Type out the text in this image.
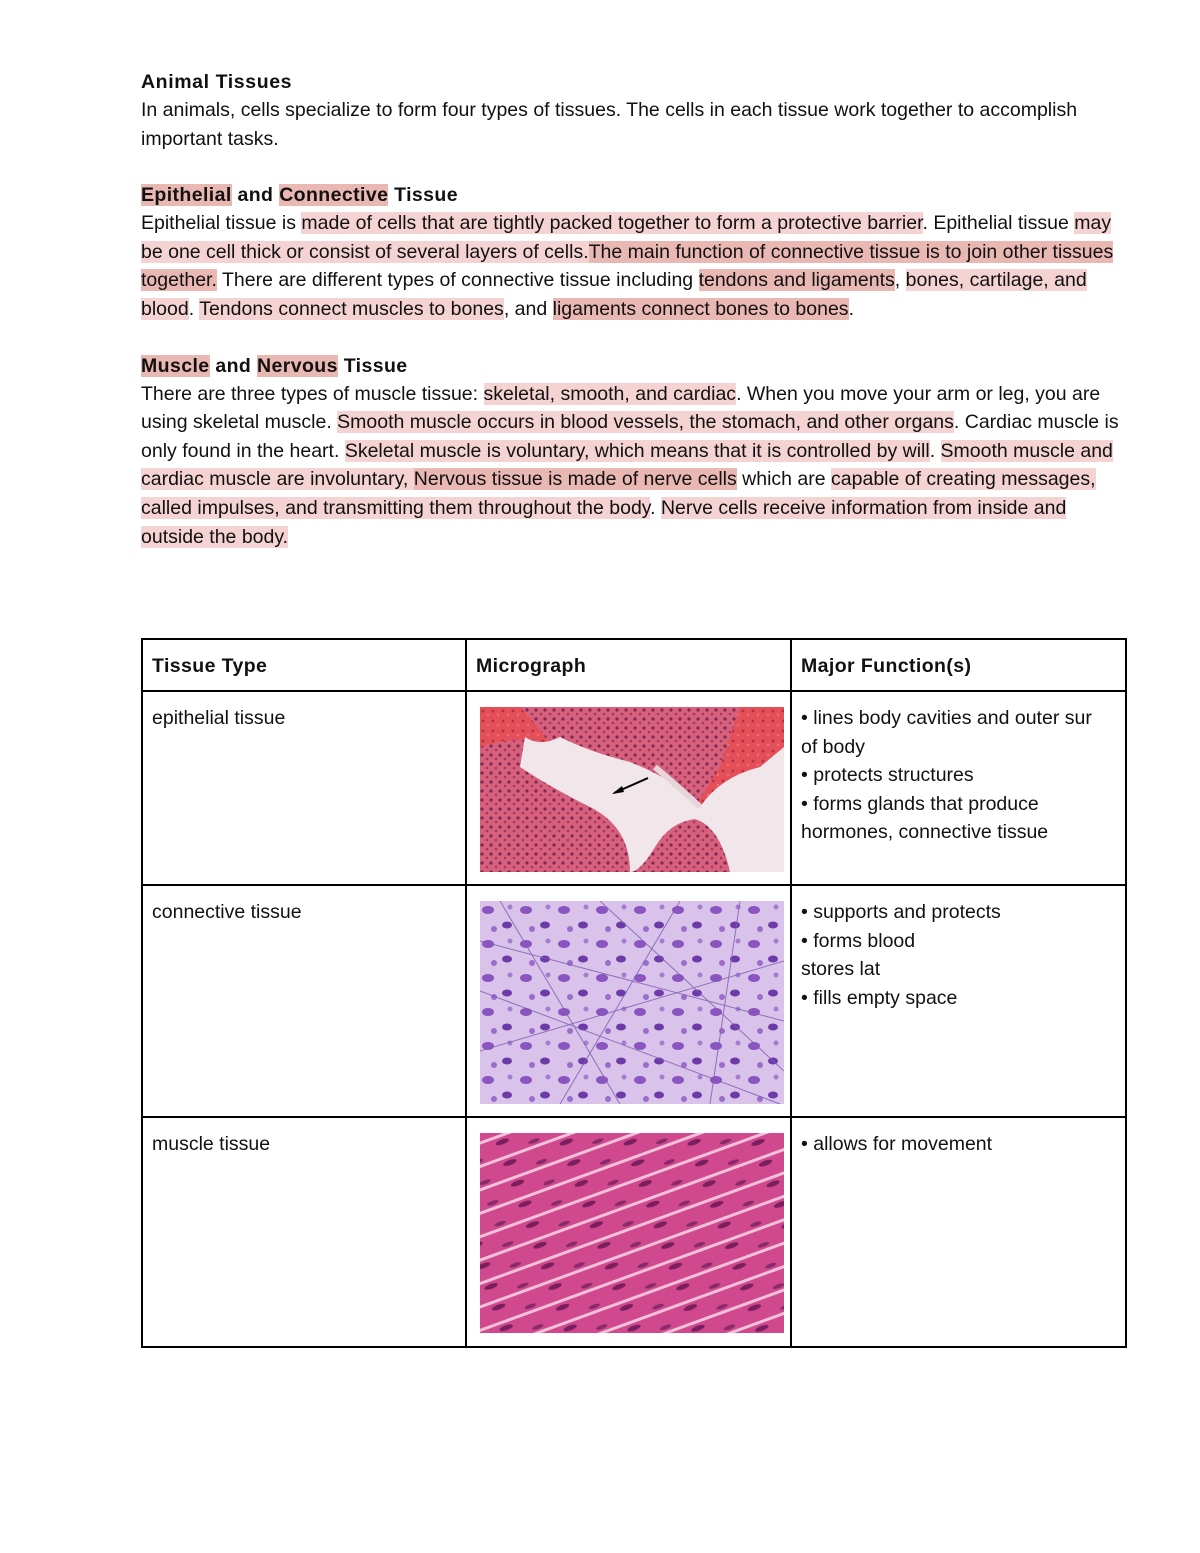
Animal Tissues

In animals, cells specialize to form four types of tissues. The cells in each tissue work together to accomplish important tasks.

Epithelial and Connective Tissue

Epithelial tissue is made of cells that are tightly packed together to form a protective barrier. Epithelial tissue may be one cell thick or consist of several layers of cells.The main function of connective tissue is to join other tissues together. There are different types of connective tissue including tendons and ligaments, bones, cartilage, and blood. Tendons connect muscles to bones, and ligaments connect bones to bones.

Muscle and Nervous Tissue

There are three types of muscle tissue: skeletal, smooth, and cardiac. When you move your arm or leg, you are using skeletal muscle. Smooth muscle occurs in blood vessels, the stomach, and other organs. Cardiac muscle is only found in the heart. Skeletal muscle is voluntary, which means that it is controlled by will. Smooth muscle and cardiac muscle are involuntary, Nervous tissue is made of nerve cells which are capable of creating messages, called impulses, and transmitting them throughout the body. Nerve cells receive information from inside and outside the body.

Tissue Type	Micrograph	Major Function(s)
epithelial tissue		• lines body cavities and outer sur
of body
• protects structures
• forms glands that produce
hormones, connective tissue

connective tissue		• supports and protects
• forms blood
stores lat
• fills empty space

muscle tissue		• allows for movement
